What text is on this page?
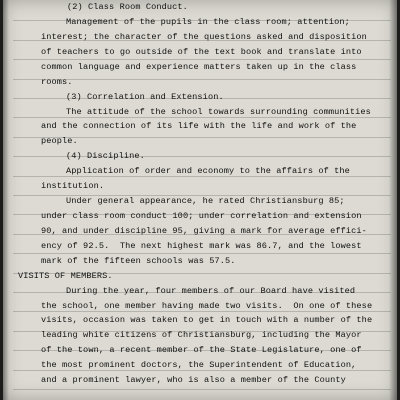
(2) Class Room Conduct.
Management of the pupils in the class room; attention;
interest; the character of the questions asked and disposition
of teachers to go outside of the text book and translate into
common language and experience matters taken up in the class
rooms.
(3) Correlation and Extension.
The attitude of the school towards surrounding communities
and the connection of its life with the life and work of the
people.
(4) Discipline.
Application of order and economy to the affairs of the
institution.
Under general appearance, he rated Christiansburg 85;
under class room conduct 100; under correlation and extension
90, and under discipline 95, giving a mark for average effici-
ency of 92.5.  The next highest mark was 86.7, and the lowest
mark of the fifteen schools was 57.5.
VISITS OF MEMBERS.
During the year, four members of our Board have visited
the school, one member having made two visits.  On one of these
visits, occasion was taken to get in touch with a number of the
leading white citizens of Christiansburg, including the Mayor
of the town, a recent member of the State Legislature, one of
the most prominent doctors, the Superintendent of Education,
and a prominent lawyer, who is also a member of the County
